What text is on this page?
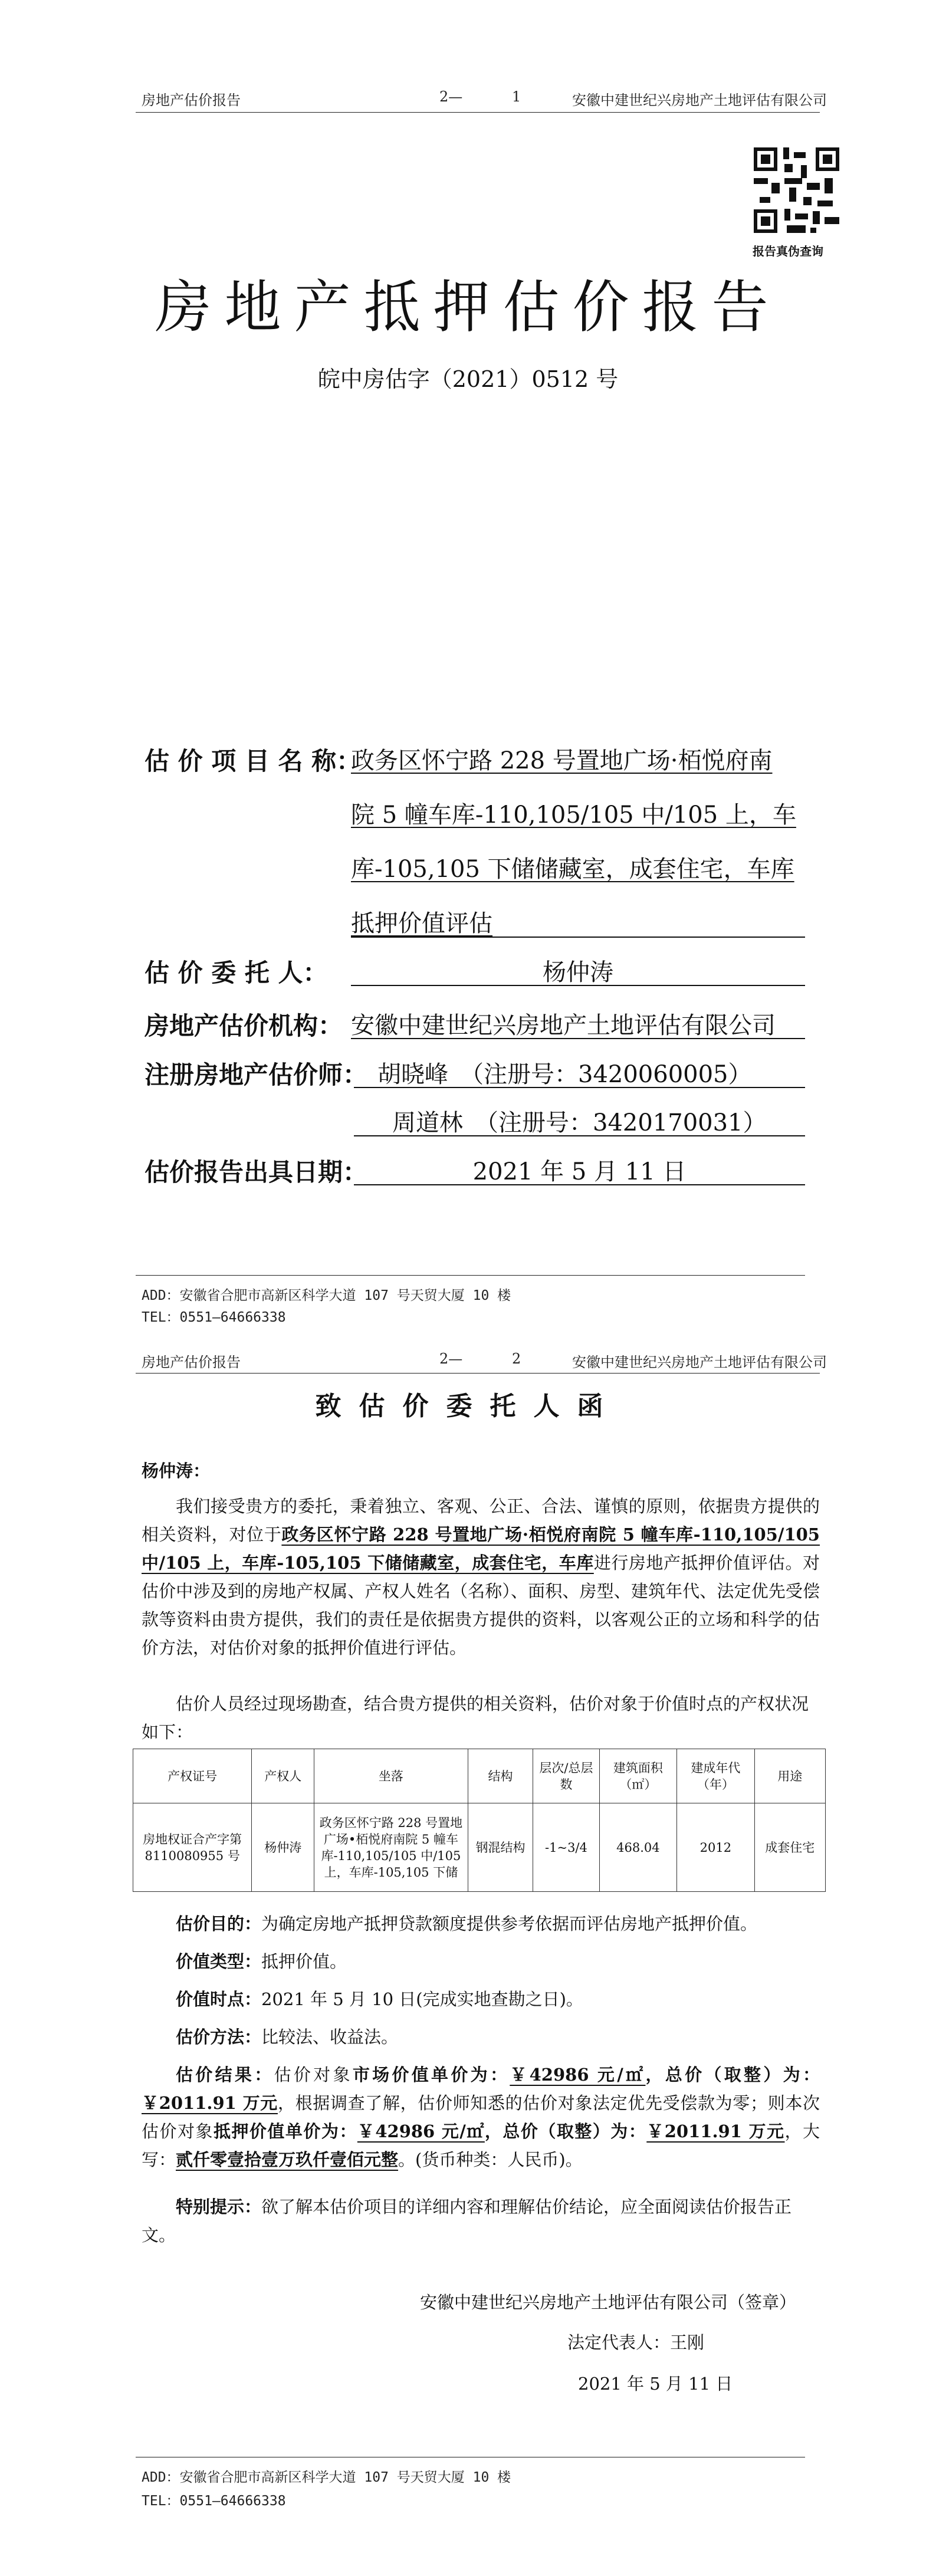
房地产估价报告	2—	1	安徽中建世纪兴房地产土地评估有限公司
报告真伪查询
房地产抵押估价报告
皖中房估字（2021）0512 号
估 价 项 目 名 称：
政务区怀宁路 228 号置地广场·栢悦府南
院 5 幢车库-110,105/105 中/105 上，车
库-105,105 下储储藏室，成套住宅，车库
抵押价值评估
估 价 委 托 人：	杨仲涛
房地产估价机构： 安徽中建世纪兴房地产土地评估有限公司
注册房地产估价师： 胡晓峰　（注册号：3420060005）
周道林　（注册号：3420170031）
估价报告出具日期：	2021 年 5 月 11 日
ADD：安徽省合肥市高新区科学大道 107 号天贸大厦 10 楼
TEL：0551—64666338
房地产估价报告	2—	2	安徽中建世纪兴房地产土地评估有限公司
致估价委托人函
杨仲涛：
我们接受贵方的委托，秉着独立、客观、公正、合法、谨慎的原则，依据贵方提供的相关资料，对位于政务区怀宁路 228 号置地广场·栢悦府南院 5 幢车库-110,105/105 中/105 上，车库-105,105 下储储藏室，成套住宅，车库进行房地产抵押价值评估。对估价中涉及到的房地产权属、产权人姓名（名称）、面积、房型、建筑年代、法定优先受偿款等资料由贵方提供，我们的责任是依据贵方提供的资料，以客观公正的立场和科学的估价方法，对估价对象的抵押价值进行评估。
估价人员经过现场勘查，结合贵方提供的相关资料，估价对象于价值时点的产权状况如下：
产权证号	产权人	坐落	结构	层次/总层数	建筑面积（㎡）	建成年代（年）	用途
房地权证合产字第 8110080955 号	杨仲涛	政务区怀宁路 228 号置地广场•栢悦府南院 5 幢车库-110,105/105 中/105 上，车库-105,105 下储	钢混结构	-1~3/4	468.04	2012	成套住宅
估价目的：为确定房地产抵押贷款额度提供参考依据而评估房地产抵押价值。
价值类型：抵押价值。
价值时点：2021 年 5 月 10 日(完成实地查勘之日)。
估价方法：比较法、收益法。
估价结果：估价对象市场价值单价为：￥42986 元/㎡，总价（取整）为：￥2011.91 万元，根据调查了解，估价师知悉的估价对象法定优先受偿款为零；则本次估价对象抵押价值单价为：￥42986 元/㎡，总价（取整）为：￥2011.91 万元，大写：贰仟零壹拾壹万玖仟壹佰元整。(货币种类：人民币)。
特别提示：欲了解本估价项目的详细内容和理解估价结论，应全面阅读估价报告正文。
安徽中建世纪兴房地产土地评估有限公司（签章）
法定代表人：王刚
2021 年 5 月 11 日
ADD：安徽省合肥市高新区科学大道 107 号天贸大厦 10 楼
TEL：0551—64666338
